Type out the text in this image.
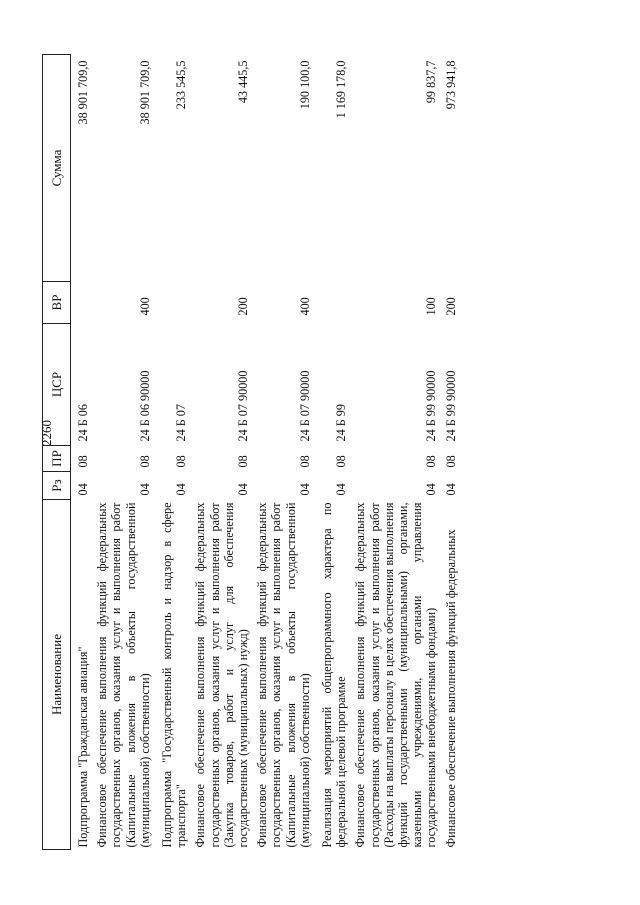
2260
Наименование	Рз	ПР	ЦСР	ВР	Сумма
Подпрограмма "Гражданская авиация"	04	08	24 Б 06		38 901 709,0
Финансовое обеспечение выполнения функций федеральных государственных органов, оказания услуг и выполнения работ (Капитальные вложения в объекты государственной (муниципальной) собственности)	04	08	24 Б 06 90000	400	38 901 709,0
Подпрограмма "Государственный контроль и надзор в сфере транспорта"	04	08	24 Б 07		233 545,5
Финансовое обеспечение выполнения функций федеральных государственных органов, оказания услуг и выполнения работ (Закупка товаров, работ и услуг для обеспечения государственных (муниципальных) нужд)	04	08	24 Б 07 90000	200	43 445,5
Финансовое обеспечение выполнения функций федеральных государственных органов, оказания услуг и выполнения работ (Капитальные вложения в объекты государственной (муниципальной) собственности)	04	08	24 Б 07 90000	400	190 100,0
Реализация мероприятий общепрограммного характера по федеральной целевой программе	04	08	24 Б 99		1 169 178,0
Финансовое обеспечение выполнения функций федеральных государственных органов, оказания услуг и выполнения работ (Расходы на выплаты персоналу в целях обеспечения выполнения функций государственными (муниципальными) органами, казенными учреждениями, органами управления государственными внебюджетными фондами)	04	08	24 Б 99 90000	100	99 837,7
Финансовое обеспечение выполнения функций федеральных	04	08	24 Б 99 90000	200	973 941,8
